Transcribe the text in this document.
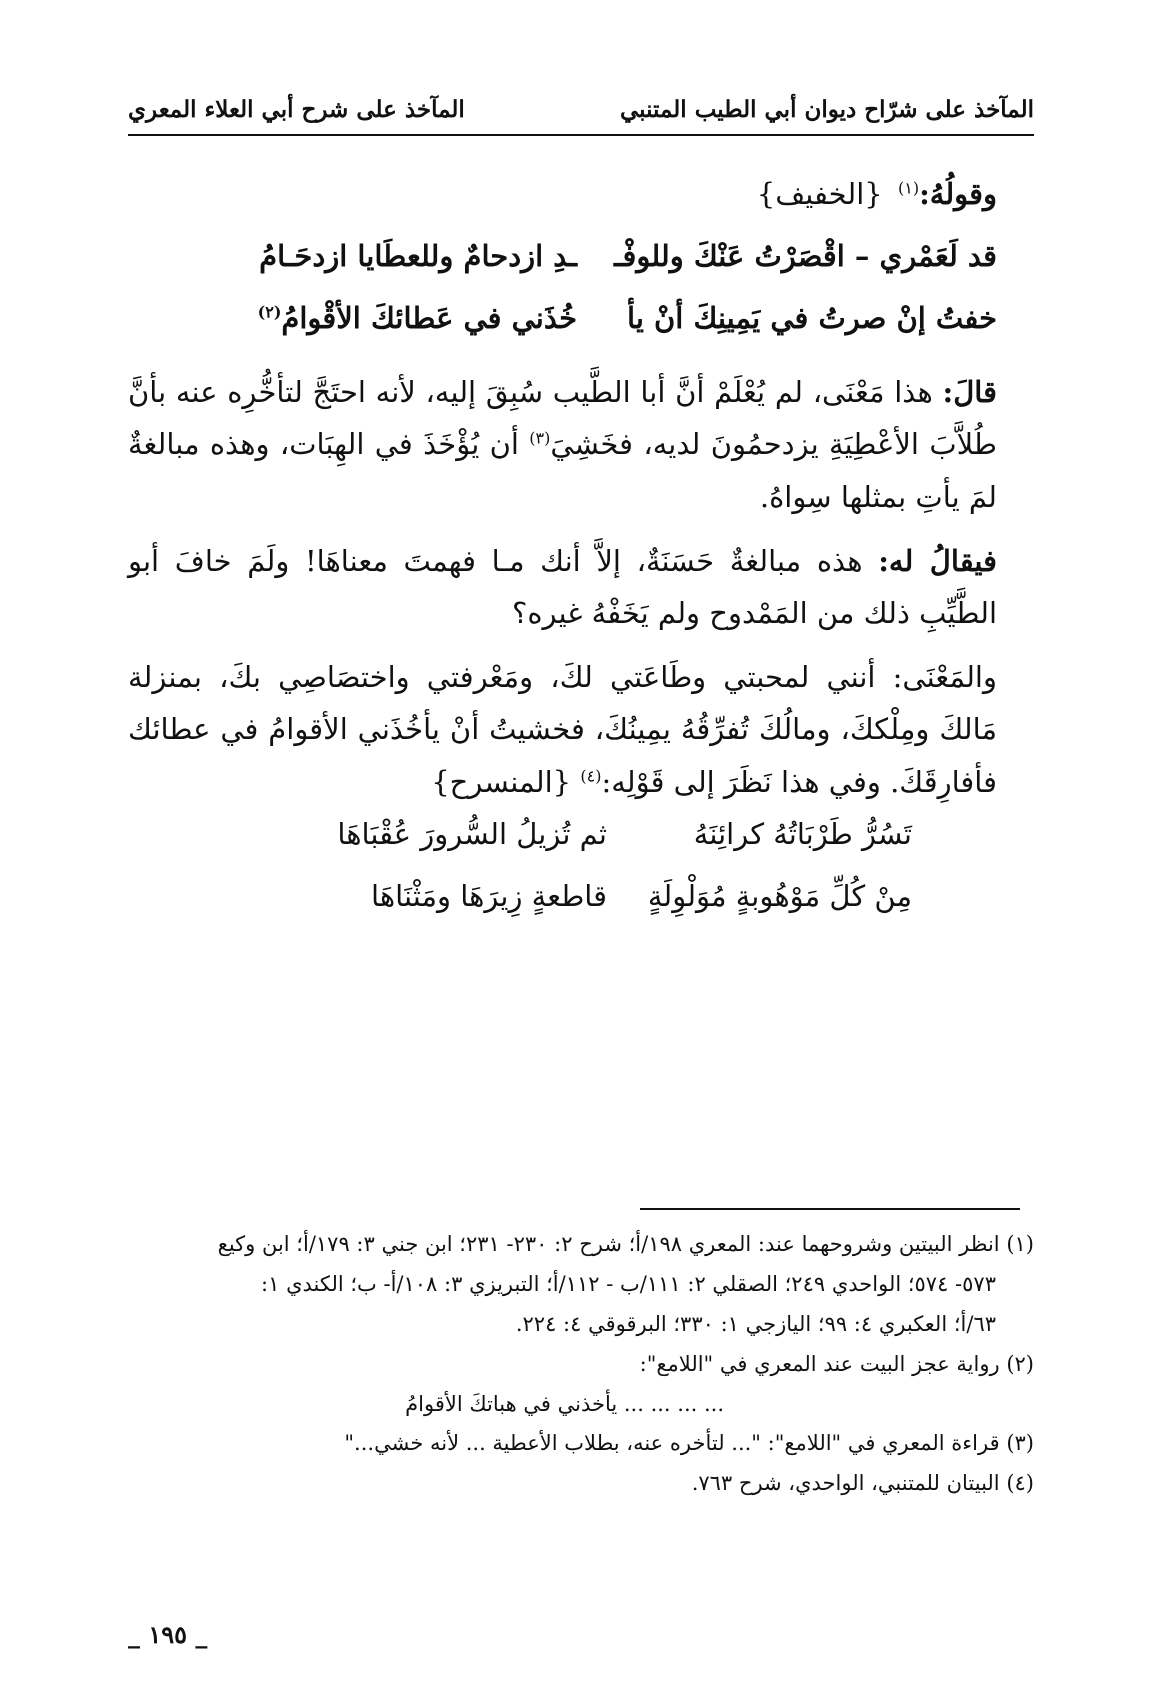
المآخذ على شرّاح ديوان أبي الطيب المتنبي
المآخذ على شرح أبي العلاء المعري

وقولُهُ:$^{(١)}$ {الخفيف}

قد لَعَمْري – اقْصَرْتُ عَنْكَ وللوفْـ
ـدِ ازدحامٌ وللعطَايا ازدحَـامُ
خفتُ إنْ صرتُ في يَمِينِكَ أنْ يأ
خُذَني في عَطائكَ الأقْوامُ$^{(٢)}$

قالَ: هذا مَعْنَى، لم يُعْلَمْ أنَّ أبا الطَّيب سُبِقَ إليه، لأنه احتَجَّ لتأخُّرِه عنه بأنَّ طُلاَّبَ الأعْطِيَةِ يزدحمُونَ لديه، فخَشِيَ$^{(٣)}$ أن يُؤْخَذَ في الهِبَات، وهذه مبالغةٌ لمَ يأتِ بمثلها سِواهُ.

فيقالُ له: هذه مبالغةٌ حَسَنَةٌ، إلاَّ أنك مـا فهمتَ معناهَا! ولَمَ خافَ أبو الطَّيِّبِ ذلك من المَمْدوح ولم يَخَفْهُ غيره؟

والمَعْنَى: أنني لمحبتي وطَاعَتي لكَ، ومَعْرفتي واختصَاصِي بكَ، بمنزلة مَالكَ ومِلْككَ، ومالُكَ تُفرِّقُهُ يمِينُكَ، فخشيتُ أنْ يأخُذَني الأقوامُ في عطائك فأفارِقَكَ. وفي هذا نَظَرَ إلى قَوْلِه:$^{(٤)}$ {المنسرح}

تَسُرُّ طَرْبَاتُهُ كرائِنَهُ
ثم تُزيلُ السُّرورَ عُقْبَاهَا
مِنْ كُلِّ مَوْهُوبةٍ مُوَلْوِلَةٍ
قاطعةٍ زِيرَهَا ومَثْنَاهَا

(١) انظر البيتين وشروحهما عند: المعري ١٩٨/أ؛ شرح ٢: ٢٣٠- ٢٣١؛ ابن جني ٣: ١٧٩/أ؛ ابن وكيع

٥٧٣- ٥٧٤؛ الواحدي ٢٤٩؛ الصقلي ٢: ١١١/ب - ١١٢/أ؛ التبريزي ٣: ١٠٨/أ- ب؛ الكندي ١:

٦٣/أ؛ العكبري ٤: ٩٩؛ اليازجي ١: ٣٣٠؛ البرقوقي ٤: ٢٢٤.

(٢) رواية عجز البيت عند المعري في "اللامع":

... ... ... ... يأخذني في هباتكَ الأقوامُ

(٣) قراءة المعري في "اللامع": "... لتأخره عنه، بطلاب الأعطية ... لأنه خشي..."

(٤) البيتان للمتنبي، الواحدي، شرح ٧٦٣.

_ ١٩٥ _
